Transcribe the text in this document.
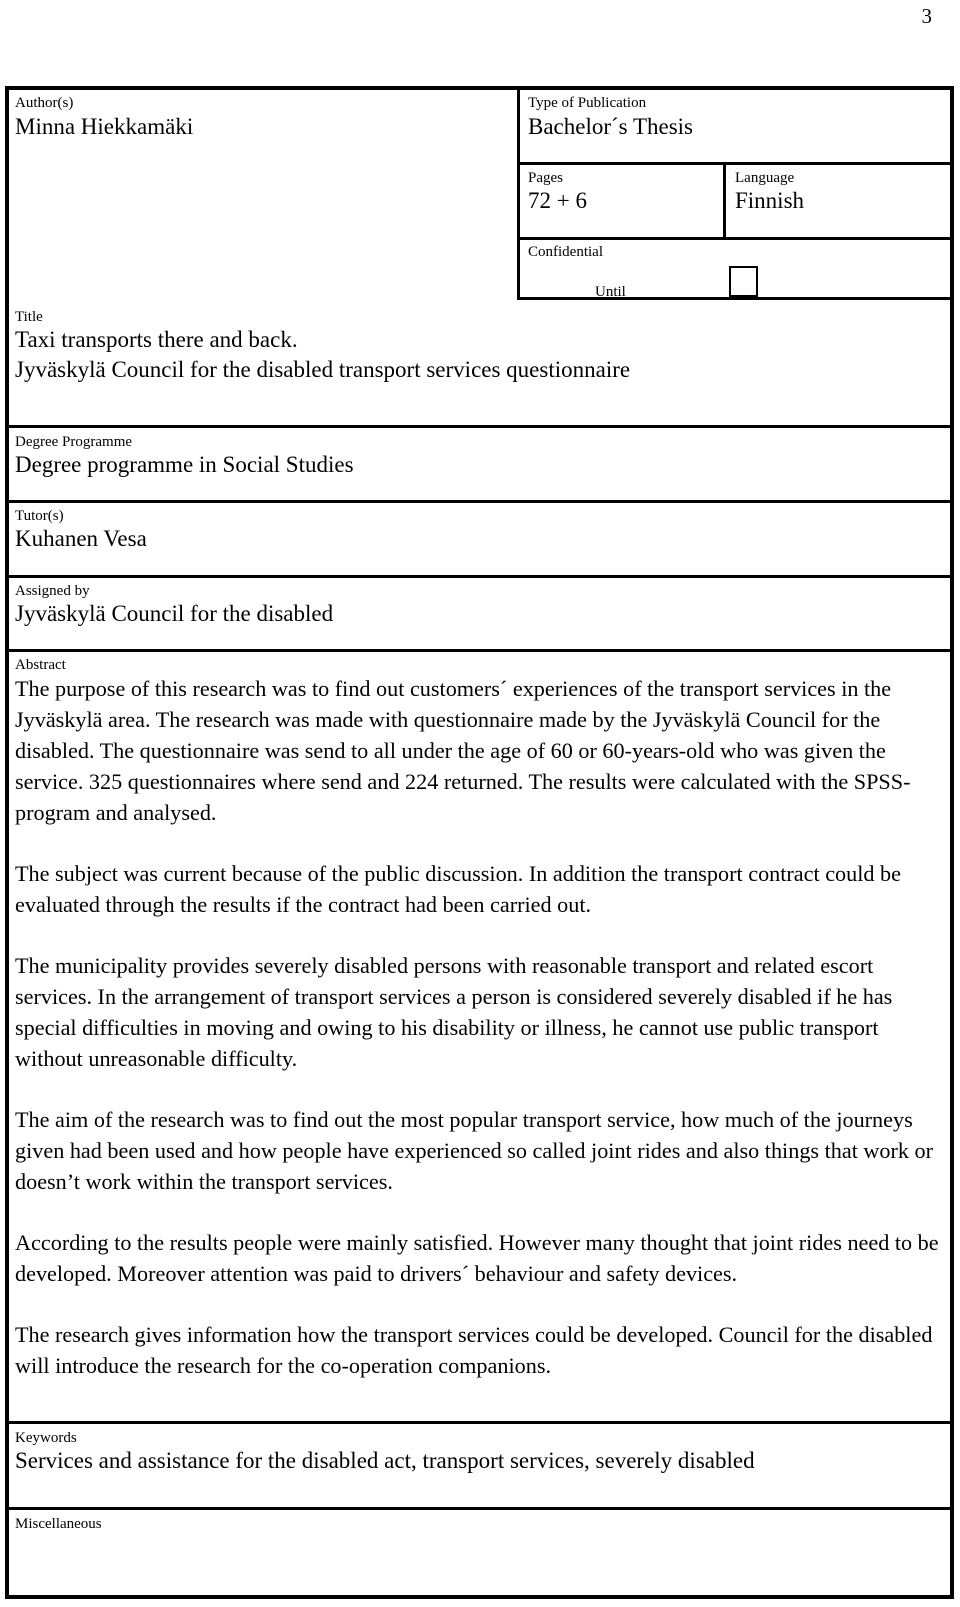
3
Author(s)
Minna Hiekkamäki
Type of Publication
Bachelor´s Thesis
Pages
72 + 6
Language
Finnish
Confidential
Until
Title
Taxi transports there and back.
Jyväskylä Council for the disabled transport services questionnaire
Degree Programme
Degree programme in Social Studies
Tutor(s)
Kuhanen Vesa
Assigned by
Jyväskylä Council for the disabled
Abstract

The purpose of this research was to find out customers´ experiences of the transport services in the Jyväskylä area. The research was made with questionnaire made by the Jyväskylä Council for the disabled. The questionnaire was send to all under the age of 60 or 60-years-old who was given the service. 325 questionnaires where send and 224 returned. The results were calculated with the SPSS-program and analysed.

The subject was current because of the public discussion. In addition the transport contract could be evaluated through the results if the contract had been carried out.

The municipality provides severely disabled persons with reasonable transport and related escort services. In the arrangement of transport services a person is considered severely disabled if he has special difficulties in moving and owing to his disability or illness, he cannot use public transport without unreasonable difficulty.

The aim of the research was to find out the most popular transport service, how much of the journeys given had been used and how people have experienced so called joint rides and also things that work or doesn’t work within the transport services.

According to the results people were mainly satisfied. However many thought that joint rides need to be developed. Moreover attention was paid to drivers´ behaviour and safety devices.

The research gives information how the transport services could be developed. Council for the disabled will introduce the research for the co-operation companions.

Keywords
Services and assistance for the disabled act, transport services, severely disabled
Miscellaneous
